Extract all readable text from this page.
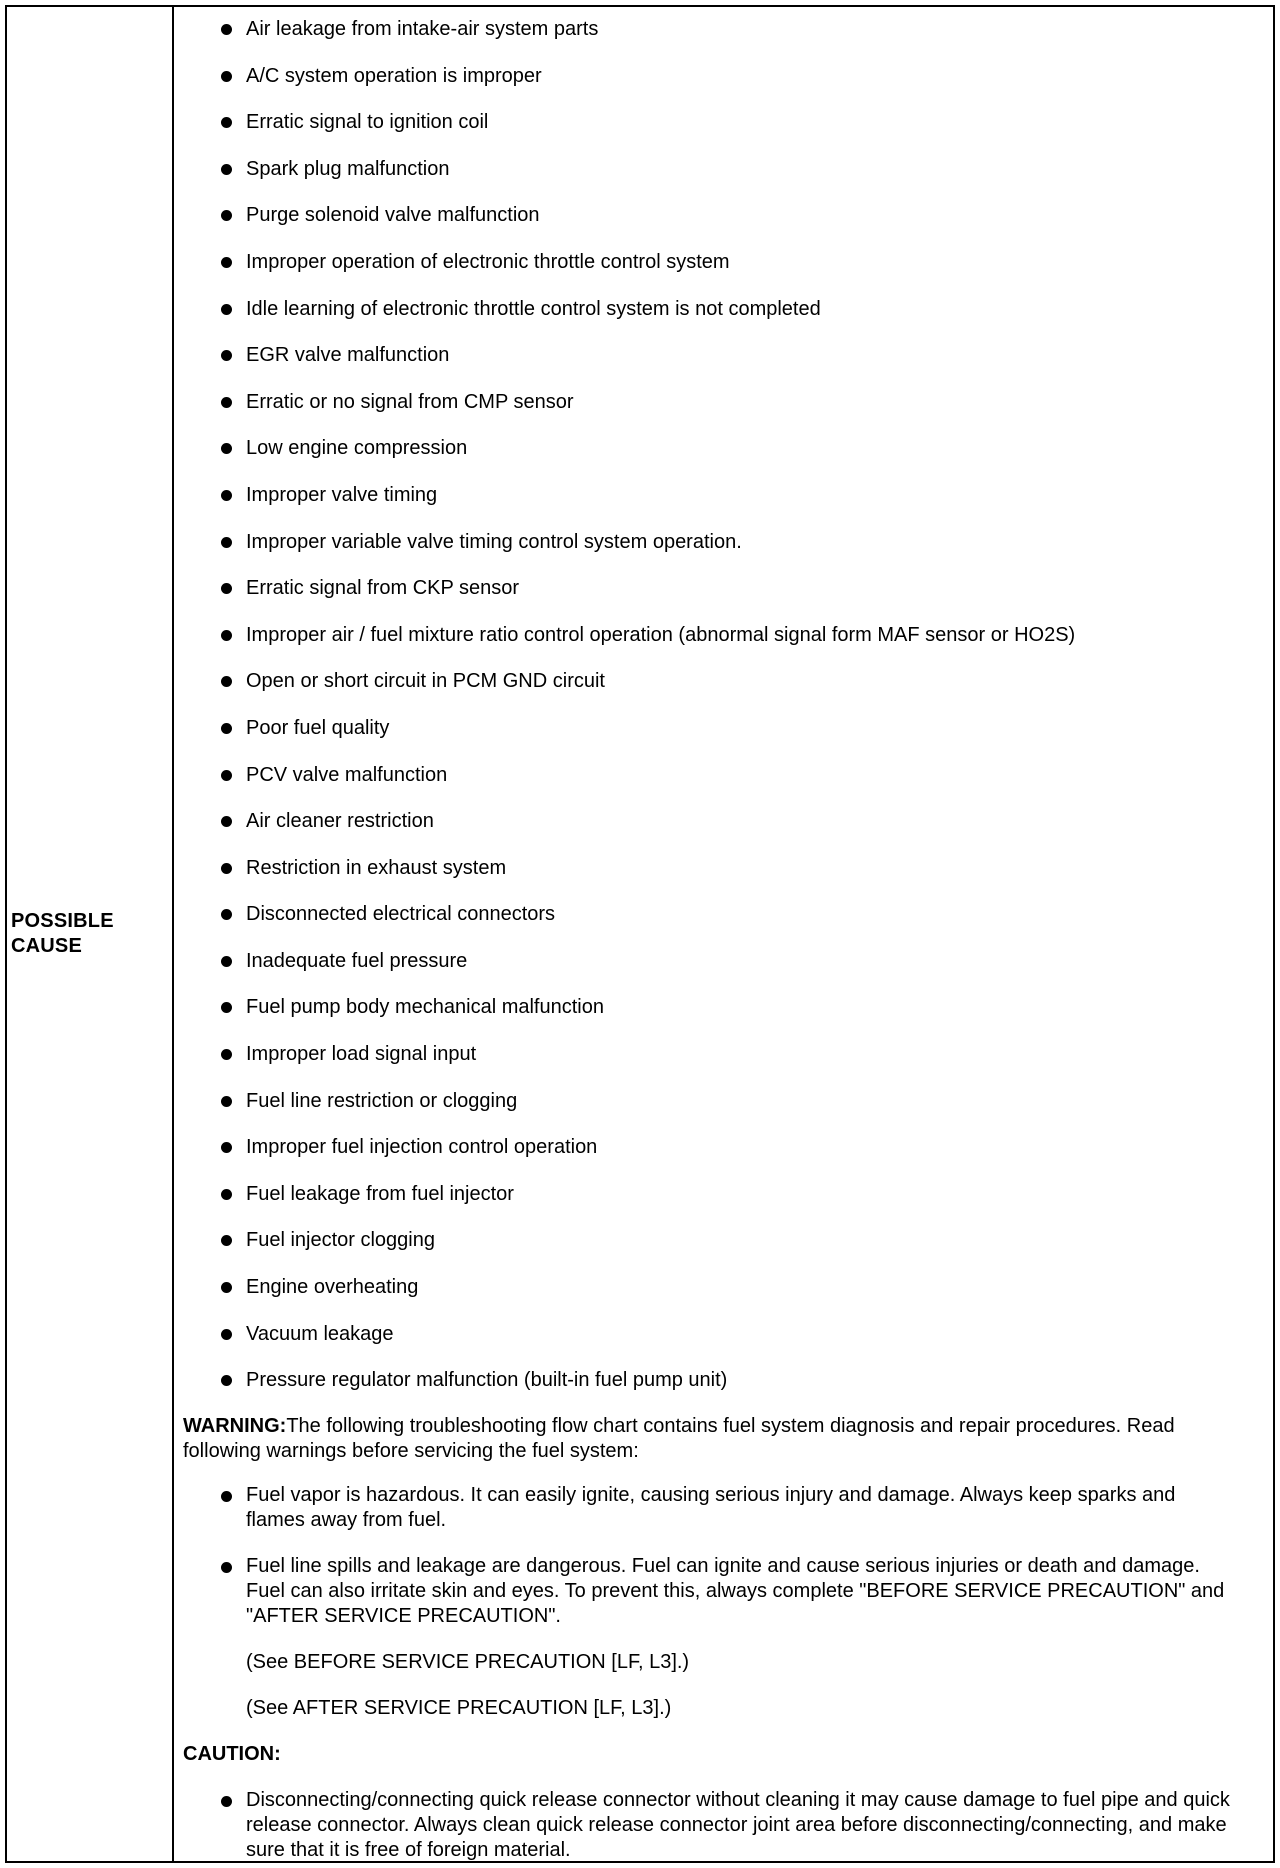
POSSIBLE
CAUSE
Air leakage from intake-air system parts
A/C system operation is improper
Erratic signal to ignition coil
Spark plug malfunction
Purge solenoid valve malfunction
Improper operation of electronic throttle control system
Idle learning of electronic throttle control system is not completed
EGR valve malfunction
Erratic or no signal from CMP sensor
Low engine compression
Improper valve timing
Improper variable valve timing control system operation.
Erratic signal from CKP sensor
Improper air / fuel mixture ratio control operation (abnormal signal form MAF sensor or HO2S)
Open or short circuit in PCM GND circuit
Poor fuel quality
PCV valve malfunction
Air cleaner restriction
Restriction in exhaust system
Disconnected electrical connectors
Inadequate fuel pressure
Fuel pump body mechanical malfunction
Improper load signal input
Fuel line restriction or clogging
Improper fuel injection control operation
Fuel leakage from fuel injector
Fuel injector clogging
Engine overheating
Vacuum leakage
Pressure regulator malfunction (built-in fuel pump unit)

WARNING:The following troubleshooting flow chart contains fuel system diagnosis and repair procedures. Read following warnings before servicing the fuel system:

Fuel vapor is hazardous. It can easily ignite, causing serious injury and damage. Always keep sparks and flames away from fuel.
Fuel line spills and leakage are dangerous. Fuel can ignite and cause serious injuries or death and damage. Fuel can also irritate skin and eyes. To prevent this, always complete "BEFORE SERVICE PRECAUTION" and "AFTER SERVICE PRECAUTION".
(See BEFORE SERVICE PRECAUTION [LF, L3].)
(See AFTER SERVICE PRECAUTION [LF, L3].)
CAUTION:
Disconnecting/connecting quick release connector without cleaning it may cause damage to fuel pipe and quick release connector. Always clean quick release connector joint area before disconnecting/connecting, and make sure that it is free of foreign material.
